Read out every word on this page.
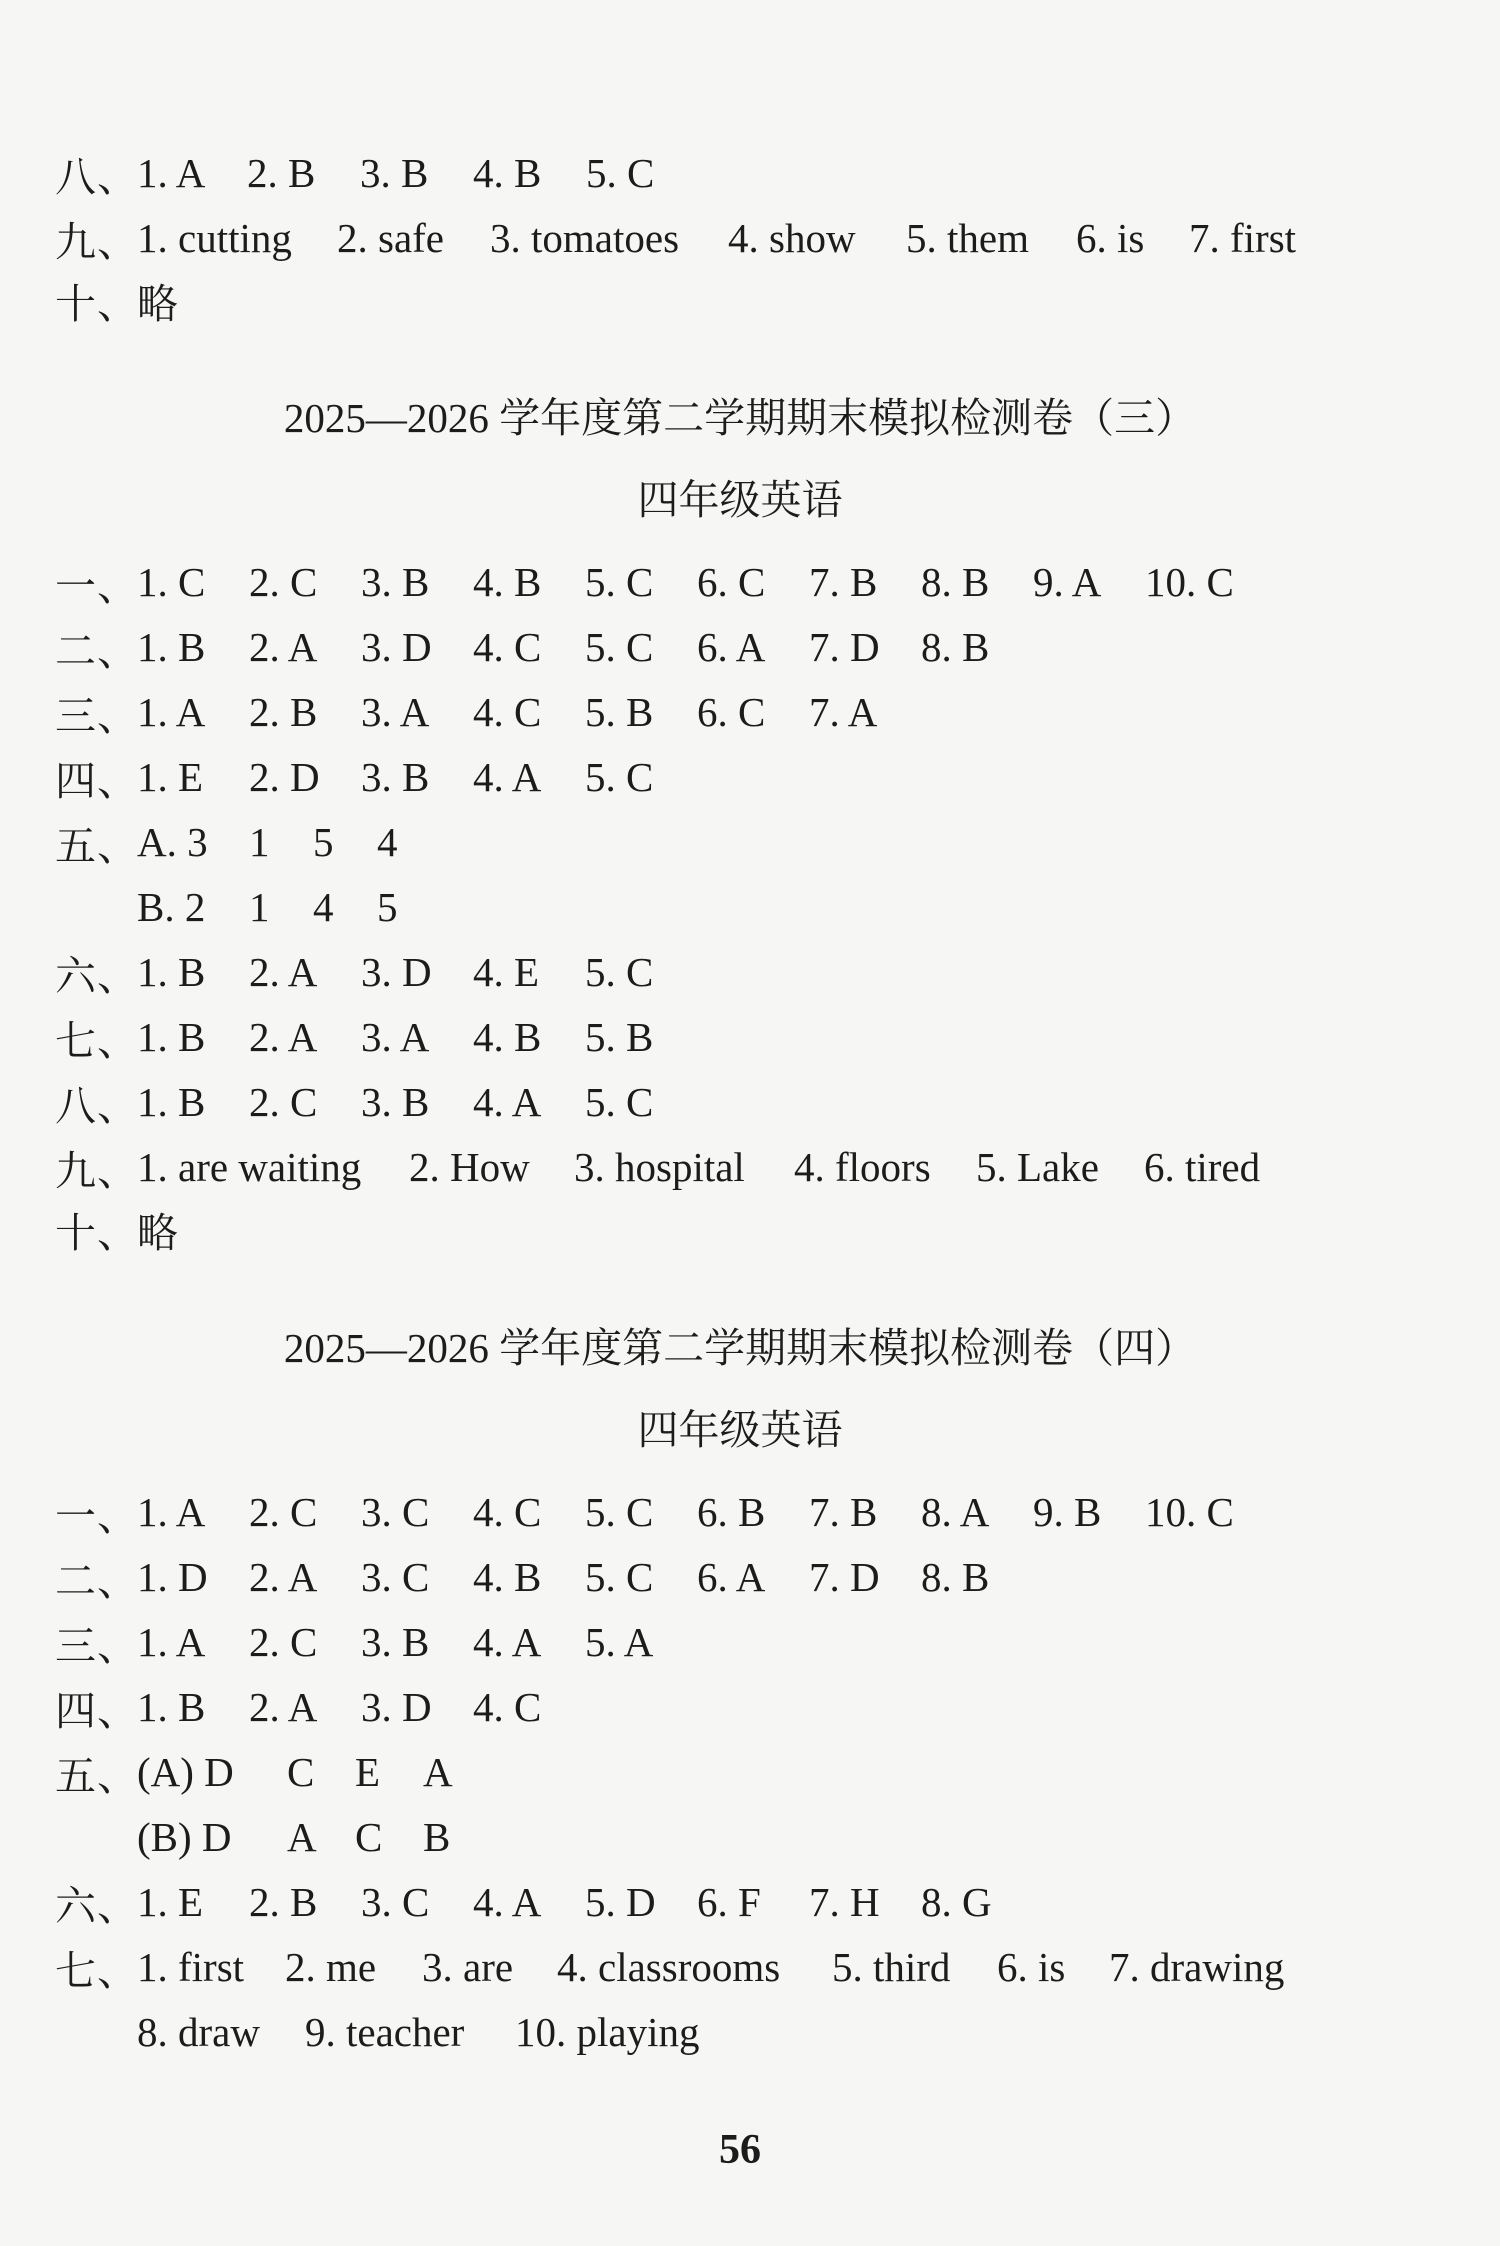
八、
1. A	2. B	3. B	4. B	5. C
九、
1. cutting	2. safe	3. tomatoes	4. show	5. them	6. is	7. first
十、
略
2025—2026 学年度第二学期期末模拟检测卷（三）
四年级英语
一、
1. C	2. C	3. B	4. B	5. C	6. C	7. B	8. B	9. A	10. C
二、
1. B	2. A	3. D	4. C	5. C	6. A	7. D	8. B
三、
1. A	2. B	3. A	4. C	5. B	6. C	7. A
四、
1. E	2. D	3. B	4. A	5. C
五、
A. 3	1	5	4
B. 2	1	4	5
六、
1. B	2. A	3. D	4. E	5. C
七、
1. B	2. A	3. A	4. B	5. B
八、
1. B	2. C	3. B	4. A	5. C
九、
1. are waiting	2. How	3. hospital	4. floors	5. Lake	6. tired
十、
略
2025—2026 学年度第二学期期末模拟检测卷（四）
四年级英语
一、
1. A	2. C	3. C	4. C	5. C	6. B	7. B	8. A	9. B	10. C
二、
1. D	2. A	3. C	4. B	5. C	6. A	7. D	8. B
三、
1. A	2. C	3. B	4. A	5. A
四、
1. B	2. A	3. D	4. C
五、
(A) D	C E	A
(B) D	A C B
六、
1. E	2. B	3. C	4. A	5. D	6. F	7. H	8. G
七、
1. first 2. me	3. are	4. classrooms	5. third	6. is	7. drawing
8. draw	9. teacher	10. playing
56
